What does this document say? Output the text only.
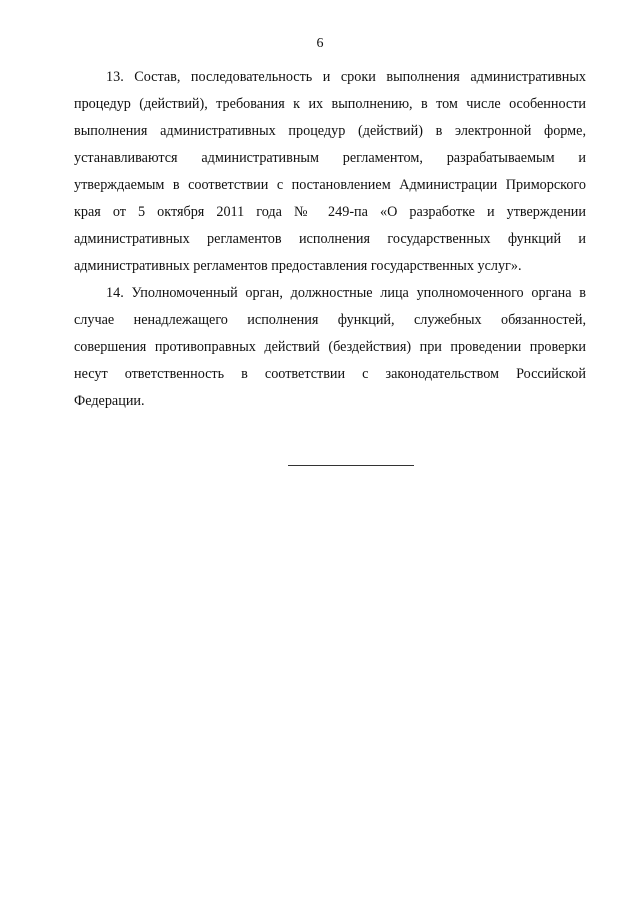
6
13. Состав, последовательность и сроки выполнения административных
процедур (действий), требования к их выполнению, в том числе особенности
выполнения административных процедур (действий) в электронной форме,
устанавливаются административным регламентом, разрабатываемым и
утверждаемым в соответствии с постановлением Администрации Приморского
края от 5 октября 2011 года № 249-па «О разработке и утверждении
административных регламентов исполнения государственных функций и
административных регламентов предоставления государственных услуг».
14. Уполномоченный орган, должностные лица уполномоченного органа в
случае ненадлежащего исполнения функций, служебных обязанностей,
совершения противоправных действий (бездействия) при проведении проверки
несут ответственность в соответствии с законодательством Российской
Федерации.
